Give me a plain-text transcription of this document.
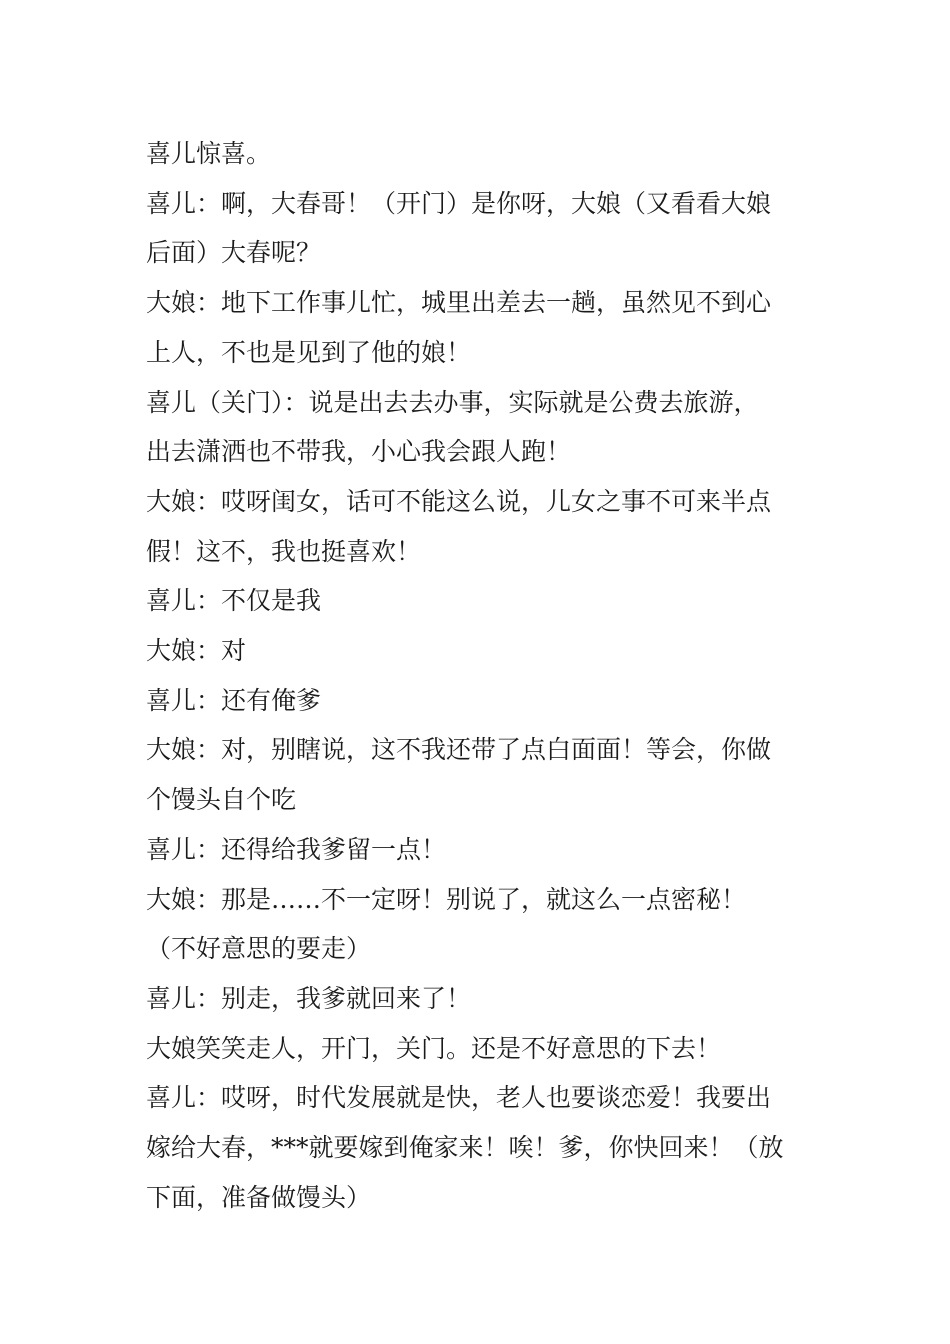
喜儿惊喜。

喜儿：啊，大春哥！（开门）是你呀，大娘（又看看大娘

后面）大春呢？

大娘：地下工作事儿忙，城里出差去一趟，虽然见不到心

上人，不也是见到了他的娘！

喜儿（关门）：说是出去去办事，实际就是公费去旅游，

出去潇洒也不带我，小心我会跟人跑！

大娘：哎呀闺女，话可不能这么说，儿女之事不可来半点

假！这不，我也挺喜欢！

喜儿：不仅是我

大娘：对

喜儿：还有俺爹

大娘：对，别瞎说，这不我还带了点白面面！等会，你做

个馒头自个吃

喜儿：还得给我爹留一点！

大娘：那是……不一定呀！别说了，就这么一点密秘！

（不好意思的要走）

喜儿：别走，我爹就回来了！

大娘笑笑走人，开门，关门。还是不好意思的下去！

喜儿：哎呀，时代发展就是快，老人也要谈恋爱！我要出

嫁给大春，***就要嫁到俺家来！唉！爹，你快回来！（放

下面，准备做馒头）
